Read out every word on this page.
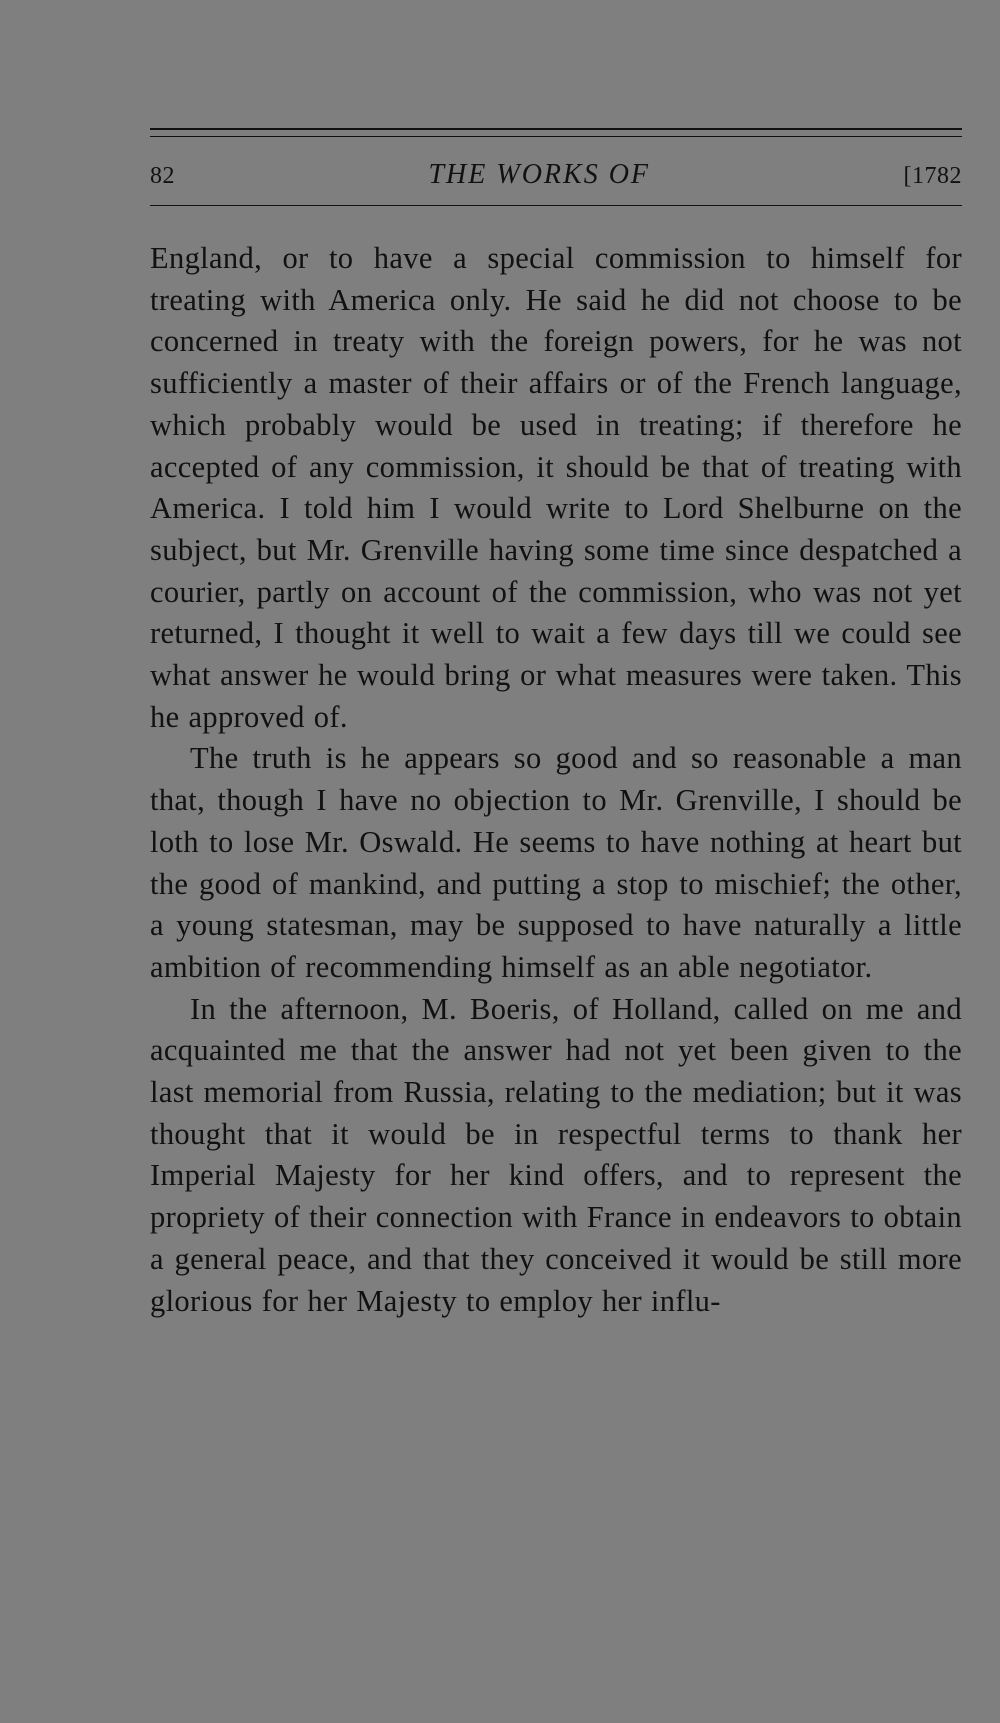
82	THE WORKS OF	[1782

England, or to have a special commission to himself for treating with America only. He said he did not choose to be concerned in treaty with the foreign powers, for he was not sufficiently a master of their affairs or of the French language, which probably would be used in treating; if therefore he accepted of any commission, it should be that of treating with America. I told him I would write to Lord Shelburne on the subject, but Mr. Grenville having some time since despatched a courier, partly on account of the commission, who was not yet returned, I thought it well to wait a few days till we could see what answer he would bring or what measures were taken. This he approved of.

The truth is he appears so good and so reasonable a man that, though I have no objection to Mr. Grenville, I should be loth to lose Mr. Oswald. He seems to have nothing at heart but the good of mankind, and putting a stop to mischief; the other, a young statesman, may be supposed to have naturally a little ambition of recommending himself as an able negotiator.

In the afternoon, M. Boeris, of Holland, called on me and acquainted me that the answer had not yet been given to the last memorial from Russia, relating to the mediation; but it was thought that it would be in respectful terms to thank her Imperial Majesty for her kind offers, and to represent the propriety of their connection with France in endeavors to obtain a general peace, and that they conceived it would be still more glorious for her Majesty to employ her influ-
